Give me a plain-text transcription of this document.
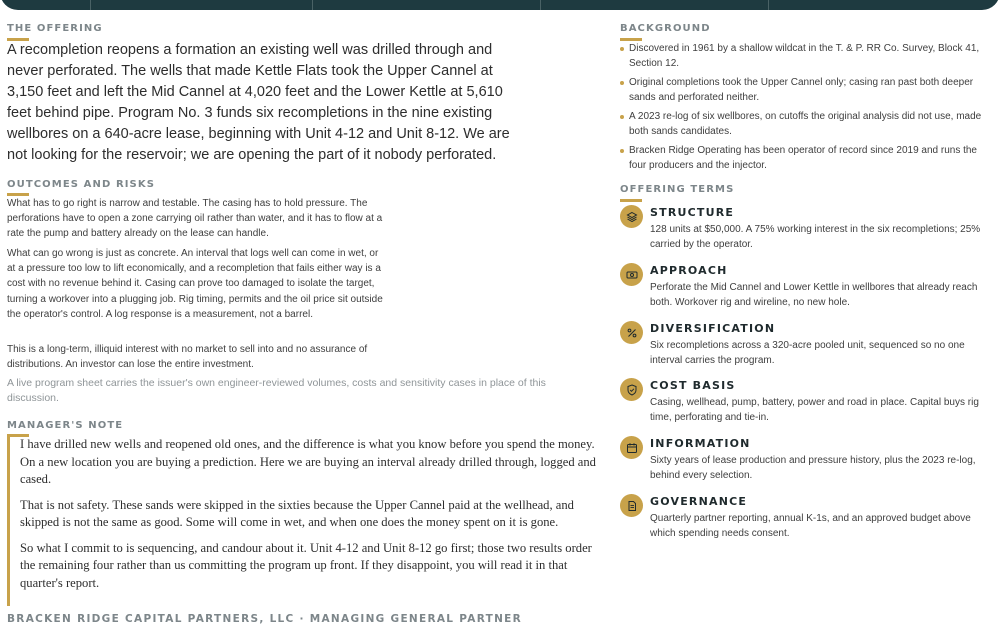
THE OFFERING

A recompletion reopens a formation an existing well was drilled through and never perforated. The wells that made Kettle Flats took the Upper Cannel at 3,150 feet and left the Mid Cannel at 4,020 feet and the Lower Kettle at 5,610 feet behind pipe. Program No. 3 funds six recompletions in the nine existing wellbores on a 640-acre lease, beginning with Unit 4-12 and Unit 8-12. We are not looking for the reservoir; we are opening the part of it nobody perforated.

OUTCOMES AND RISKS

What has to go right is narrow and testable. The casing has to hold pressure. The perforations have to open a zone carrying oil rather than water, and it has to flow at a rate the pump and battery already on the lease can handle.

What can go wrong is just as concrete. An interval that logs well can come in wet, or at a pressure too low to lift economically, and a recompletion that fails either way is a cost with no revenue behind it. Casing can prove too damaged to isolate the target, turning a workover into a plugging job. Rig timing, permits and the oil price sit outside the operator's control. A log response is a measurement, not a barrel.

This is a long-term, illiquid interest with no market to sell into and no assurance of distributions. An investor can lose the entire investment.

A live program sheet carries the issuer's own engineer-reviewed volumes, costs and sensitivity cases in place of this discussion.

MANAGER'S NOTE

I have drilled new wells and reopened old ones, and the difference is what you know before you spend the money. On a new location you are buying a prediction. Here we are buying an interval already drilled through, logged and cased.

That is not safety. These sands were skipped in the sixties because the Upper Cannel paid at the wellhead, and skipped is not the same as good. Some will come in wet, and when one does the money spent on it is gone.

So what I commit to is sequencing, and candour about it. Unit 4-12 and Unit 8-12 go first; those two results order the remaining four rather than us committing the program up front. If they disappoint, you will read it in that quarter's report.

BRACKEN RIDGE CAPITAL PARTNERS, LLC · MANAGING GENERAL PARTNER
BACKGROUND
Discovered in 1961 by a shallow wildcat in the T. & P. RR Co. Survey, Block 41, Section 12.
Original completions took the Upper Cannel only; casing ran past both deeper sands and perforated neither.
A 2023 re-log of six wellbores, on cutoffs the original analysis did not use, made both sands candidates.
Bracken Ridge Operating has been operator of record since 2019 and runs the four producers and the injector.
OFFERING TERMS
STRUCTURE
128 units at $50,000. A 75% working interest in the six recompletions; 25% carried by the operator.
APPROACH
Perforate the Mid Cannel and Lower Kettle in wellbores that already reach both. Workover rig and wireline, no new hole.
DIVERSIFICATION
Six recompletions across a 320-acre pooled unit, sequenced so no one interval carries the program.
COST BASIS
Casing, wellhead, pump, battery, power and road in place. Capital buys rig time, perforating and tie-in.
INFORMATION
Sixty years of lease production and pressure history, plus the 2023 re-log, behind every selection.
GOVERNANCE
Quarterly partner reporting, annual K-1s, and an approved budget above which spending needs consent.
